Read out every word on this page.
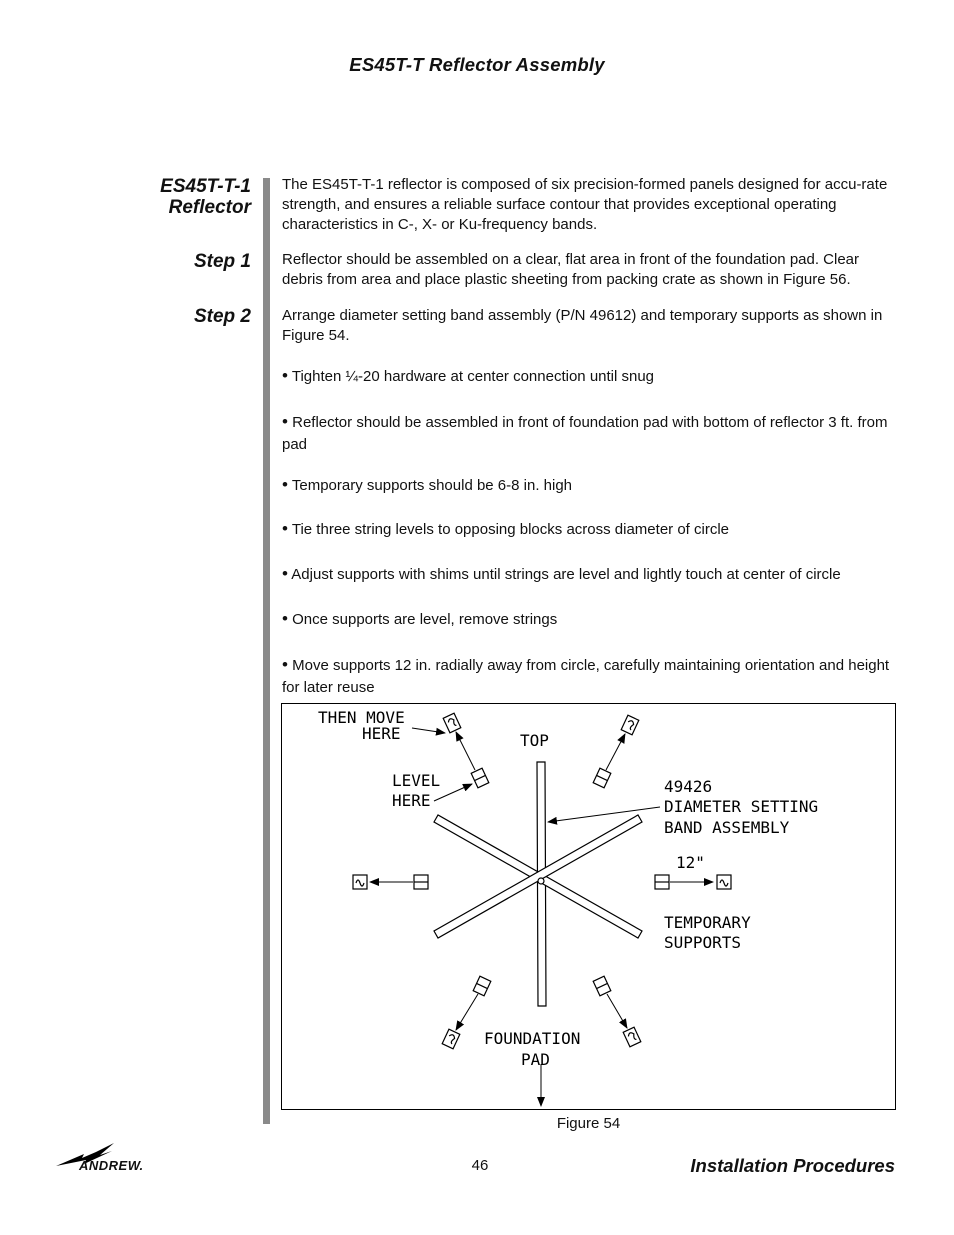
ES45T-T Reflector Assembly
ES45T-T-1
Reflector
Step 1
Step 2
The ES45T-T-1 reflector is composed of six precision-formed panels designed for accu-rate strength, and ensures a reliable surface contour that provides exceptional operating characteristics in C-, X- or Ku-frequency bands.
Reflector should be assembled on a clear, flat area in front of the foundation pad. Clear debris from area and place plastic sheeting from packing crate as shown in Figure 56.
Arrange diameter setting band assembly (P/N 49612) and temporary supports as shown in Figure 54.
• Tighten ¼-20 hardware at center connection until snug
• Reflector should be assembled in front of foundation pad with bottom of reflector 3 ft. from pad
• Temporary supports should be 6-8 in. high
• Tie three string levels to opposing blocks across diameter of circle
• Adjust supports with shims until strings are level and lightly touch at center of circle
• Once supports are level, remove strings
• Move supports 12 in. radially away from circle, carefully maintaining orientation and height for later reuse
THEN MOVE
HERE	TOP
LEVEL
HERE
49426
DIAMETER SETTING
BAND ASSEMBLY
12"
TEMPORARY
SUPPORTS
FOUNDATION
PAD
Figure 54
ANDREW.	46	Installation Procedures
